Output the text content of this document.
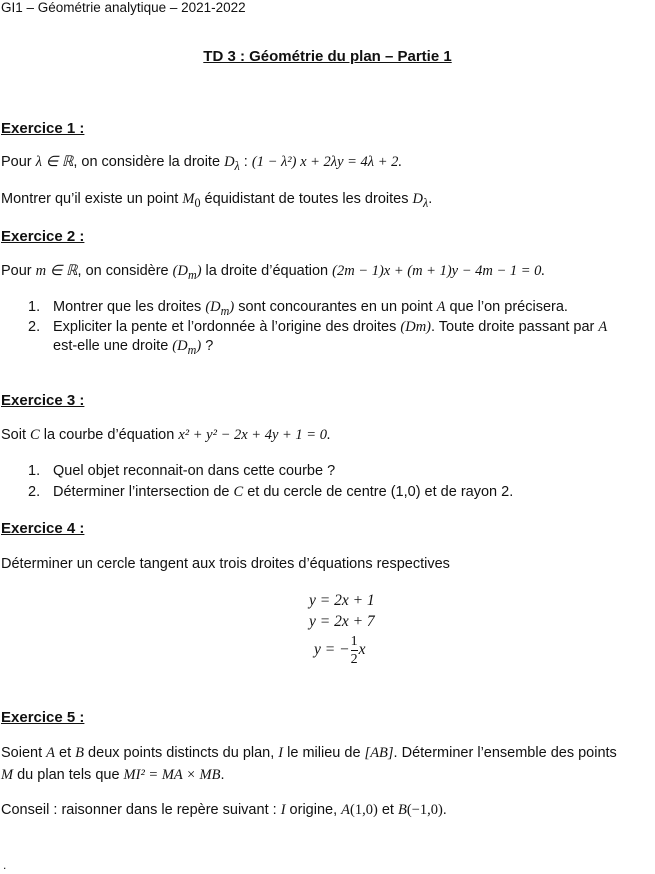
GI1 – Géométrie analytique – 2021-2022
TD 3 : Géométrie du plan – Partie 1
Exercice 1 :
Pour λ ∈ ℝ, on considère la droite $D_\lambda$ : (1 − λ²) x + 2λy = 4λ + 2.
Montrer qu’il existe un point $M_0$ équidistant de toutes les droites $D_\lambda$.
Exercice 2 :
Pour m ∈ ℝ, on considère $(D_m)$ la droite d’équation (2m − 1)x + (m + 1)y − 4m − 1 = 0.
1. Montrer que les droites $(D_m)$ sont concourantes en un point A que l’on précisera.
2. Expliciter la pente et l’ordonnée à l’origine des droites (Dm). Toute droite passant par A
est-elle une droite $(D_m)$ ?
Exercice 3 :
Soit C la courbe d’équation x² + y² − 2x + 4y + 1 = 0.
1. Quel objet reconnait-on dans cette courbe ?
2. Déterminer l’intersection de C et du cercle de centre (1,0) et de rayon 2.
Exercice 4 :
Déterminer un cercle tangent aux trois droites d’équations respectives
y = 2x + 1
y = 2x + 7
y = − $\frac{1}{2}$ x
Exercice 5 :
Soient A et B deux points distincts du plan, I le milieu de [AB]. Déterminer l’ensemble des points
M du plan tels que MI² = MA × MB.
Conseil : raisonner dans le repère suivant : I origine, A(1,0) et B(−1,0).
.
